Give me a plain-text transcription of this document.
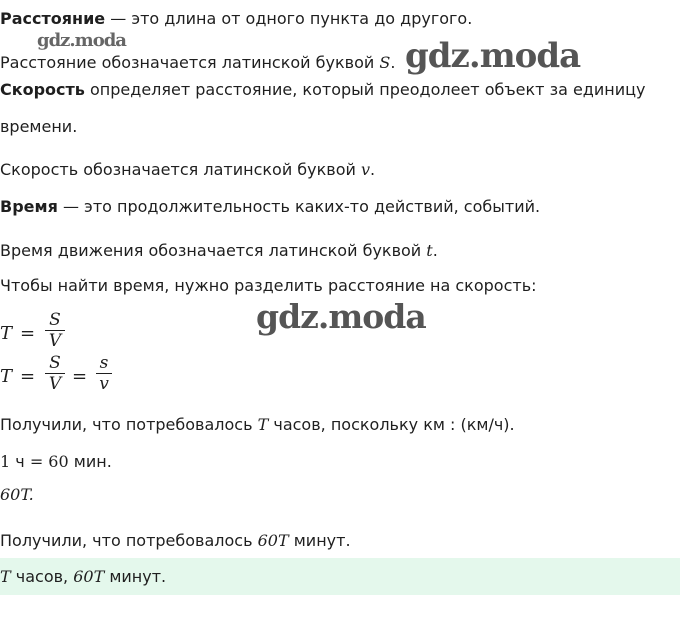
gdz.moda	gdz.moda
gdz.moda
Расстояние — это длина от одного пункта до другого.
Расстояние обозначается латинской буквой S.
Скорость определяет расстояние, который преодолеет объект за единицу
времени.
Скорость обозначается латинской буквой v.
Время — это продолжительность каких-то действий, событий.
Время движения обозначается латинской буквой t.
Чтобы найти время, нужно разделить расстояние на скорость:
T =
S
V
T =
S
V =
s
v
Получили, что потребовалось T часов, поскольку км : (км/ч).
1 ч = 60 мин.
60T.
Получили, что потребовалось 60T минут.
T часов, 60T минут.
